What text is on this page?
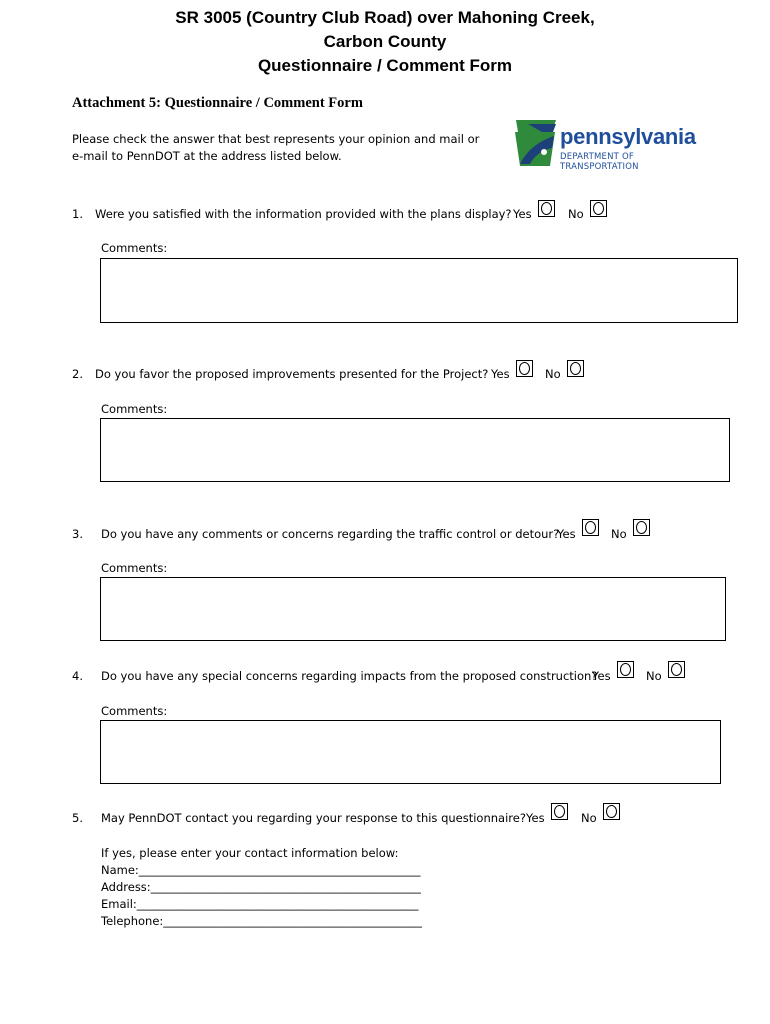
SR 3005 (Country Club Road) over Mahoning Creek,
Carbon County
Questionnaire / Comment Form
Attachment 5: Questionnaire / Comment Form
Please check the answer that best represents your opinion and mail or
e-mail to PennDOT at the address listed below.
pennsylvania
DEPARTMENT OF TRANSPORTATION
1. Were you satisfied with the information provided with the plans display? Yes	No
Comments:
2. Do you favor the proposed improvements presented for the Project? Yes	No
Comments:
3. Do you have any comments or concerns regarding the traffic control or detour?
Yes	No
Comments:
4. Do you have any special concerns regarding impacts from the proposed construction?
Yes	No
Comments:
5. May PennDOT contact you regarding your response to this questionnaire? Yes	No
If yes, please enter your contact information below:
Name:_________________________________________________
Address:_______________________________________________
Email:_________________________________________________
Telephone:_____________________________________________
